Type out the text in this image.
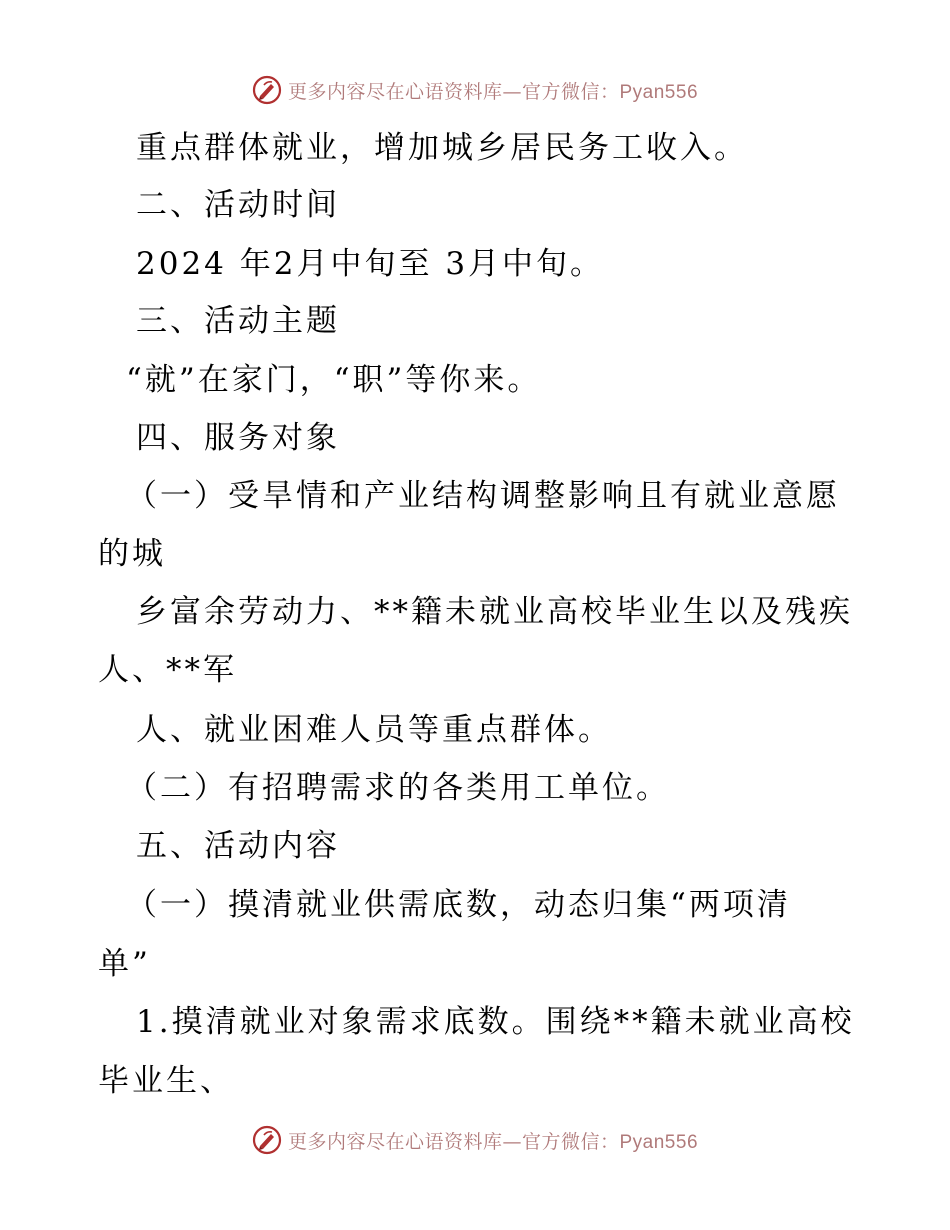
更多内容尽在心语资料库—官方微信：Pyan556
重点群体就业，增加城乡居民务工收入。
二、活动时间
2024 年2月中旬至 3月中旬。
三、活动主题
“就”在家门，“职”等你来。
四、服务对象
（一）受旱情和产业结构调整影响且有就业意愿
的城
乡富余劳动力、**籍未就业高校毕业生以及残疾
人、**军
人、就业困难人员等重点群体。
（二）有招聘需求的各类用工单位。
五、活动内容
（一）摸清就业供需底数，动态归集“两项清
单”
1.摸清就业对象需求底数。围绕**籍未就业高校
毕业生、
更多内容尽在心语资料库—官方微信：Pyan556
